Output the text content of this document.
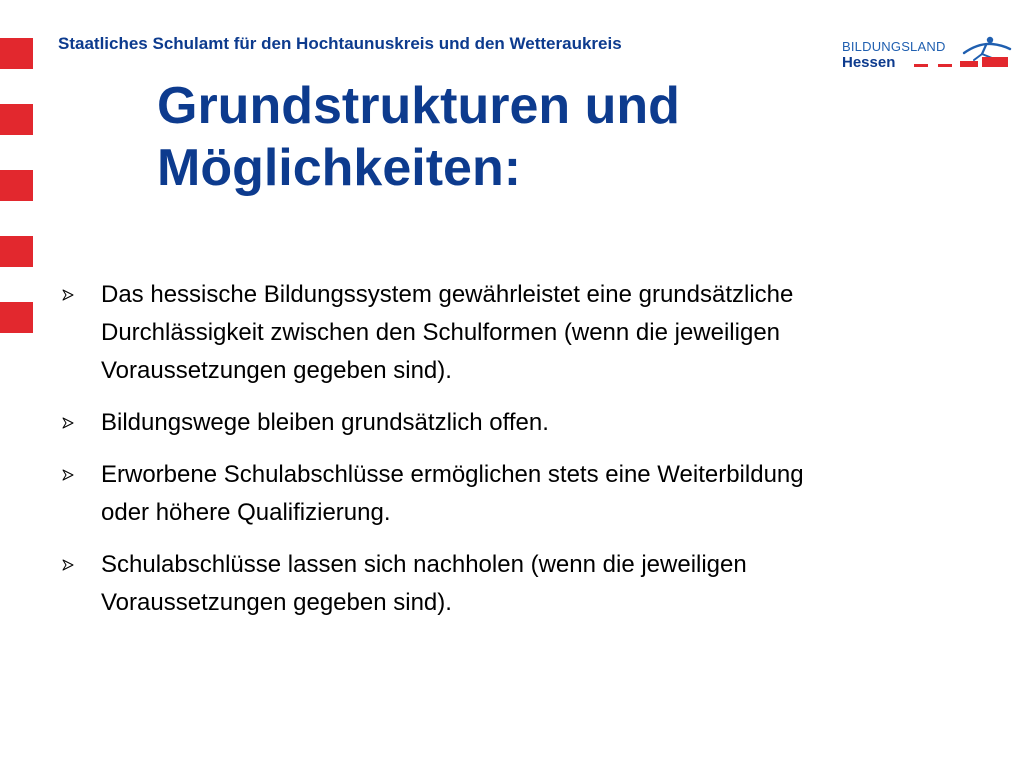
Staatliches Schulamt für den Hochtaunuskreis und den Wetteraukreis	BILDUNGSLAND
Hessen
Grundstrukturen und
Möglichkeiten:
Das hessische Bildungssystem gewährleistet eine grundsätzliche
Durchlässigkeit zwischen den Schulformen (wenn die jeweiligen
Voraussetzungen gegeben sind).
Bildungswege bleiben grundsätzlich offen.
Erworbene Schulabschlüsse ermöglichen stets eine Weiterbildung
oder höhere Qualifizierung.
Schulabschlüsse lassen sich nachholen (wenn die jeweiligen
Voraussetzungen gegeben sind).
